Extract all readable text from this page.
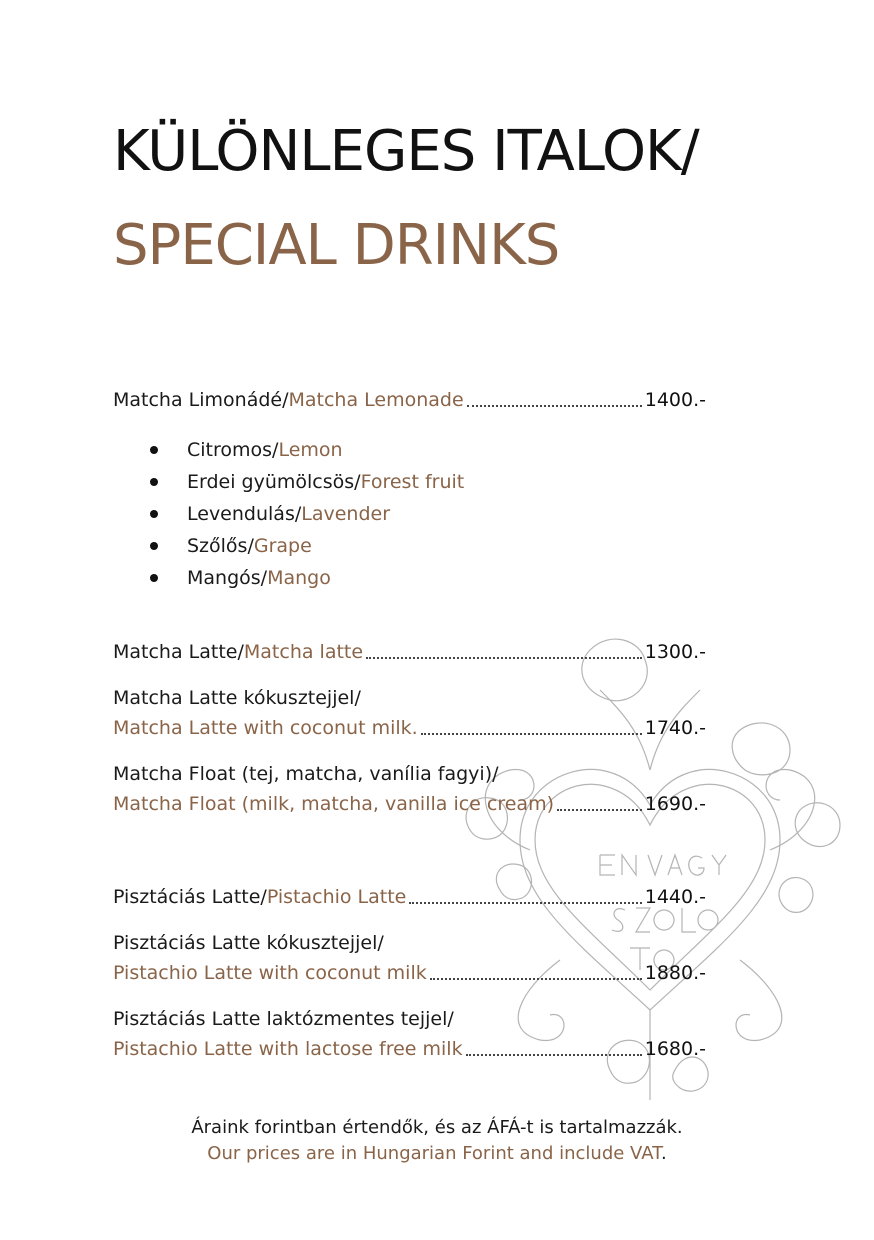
KÜLÖNLEGES ITALOK/
SPECIAL DRINKS
Matcha Limonádé/ Matcha Lemonade	1400.-
Citromos/ Lemon
Erdei gyümölcsös/ Forest fruit
Levendulás/ Lavender
Szőlős/ Grape
Mangós/ Mango
Matcha Latte/ Matcha latte	1300.-
Matcha Latte kókusztejjel/
Matcha Latte with coconut milk.	1740.-
Matcha Float (tej, matcha, vanília fagyi)/
Matcha Float (milk, matcha, vanilla ice cream)	1690.-
Pisztáciás Latte/ Pistachio Latte	1440.-
Pisztáciás Latte kókusztejjel/
Pistachio Latte with coconut milk	1880.-
Pisztáciás Latte laktózmentes tejjel/
Pistachio Latte with lactose free milk	1680.-
Áraink forintban értendők, és az ÁFÁ-t is tartalmazzák.
Our prices are in Hungarian Forint and include VAT.
